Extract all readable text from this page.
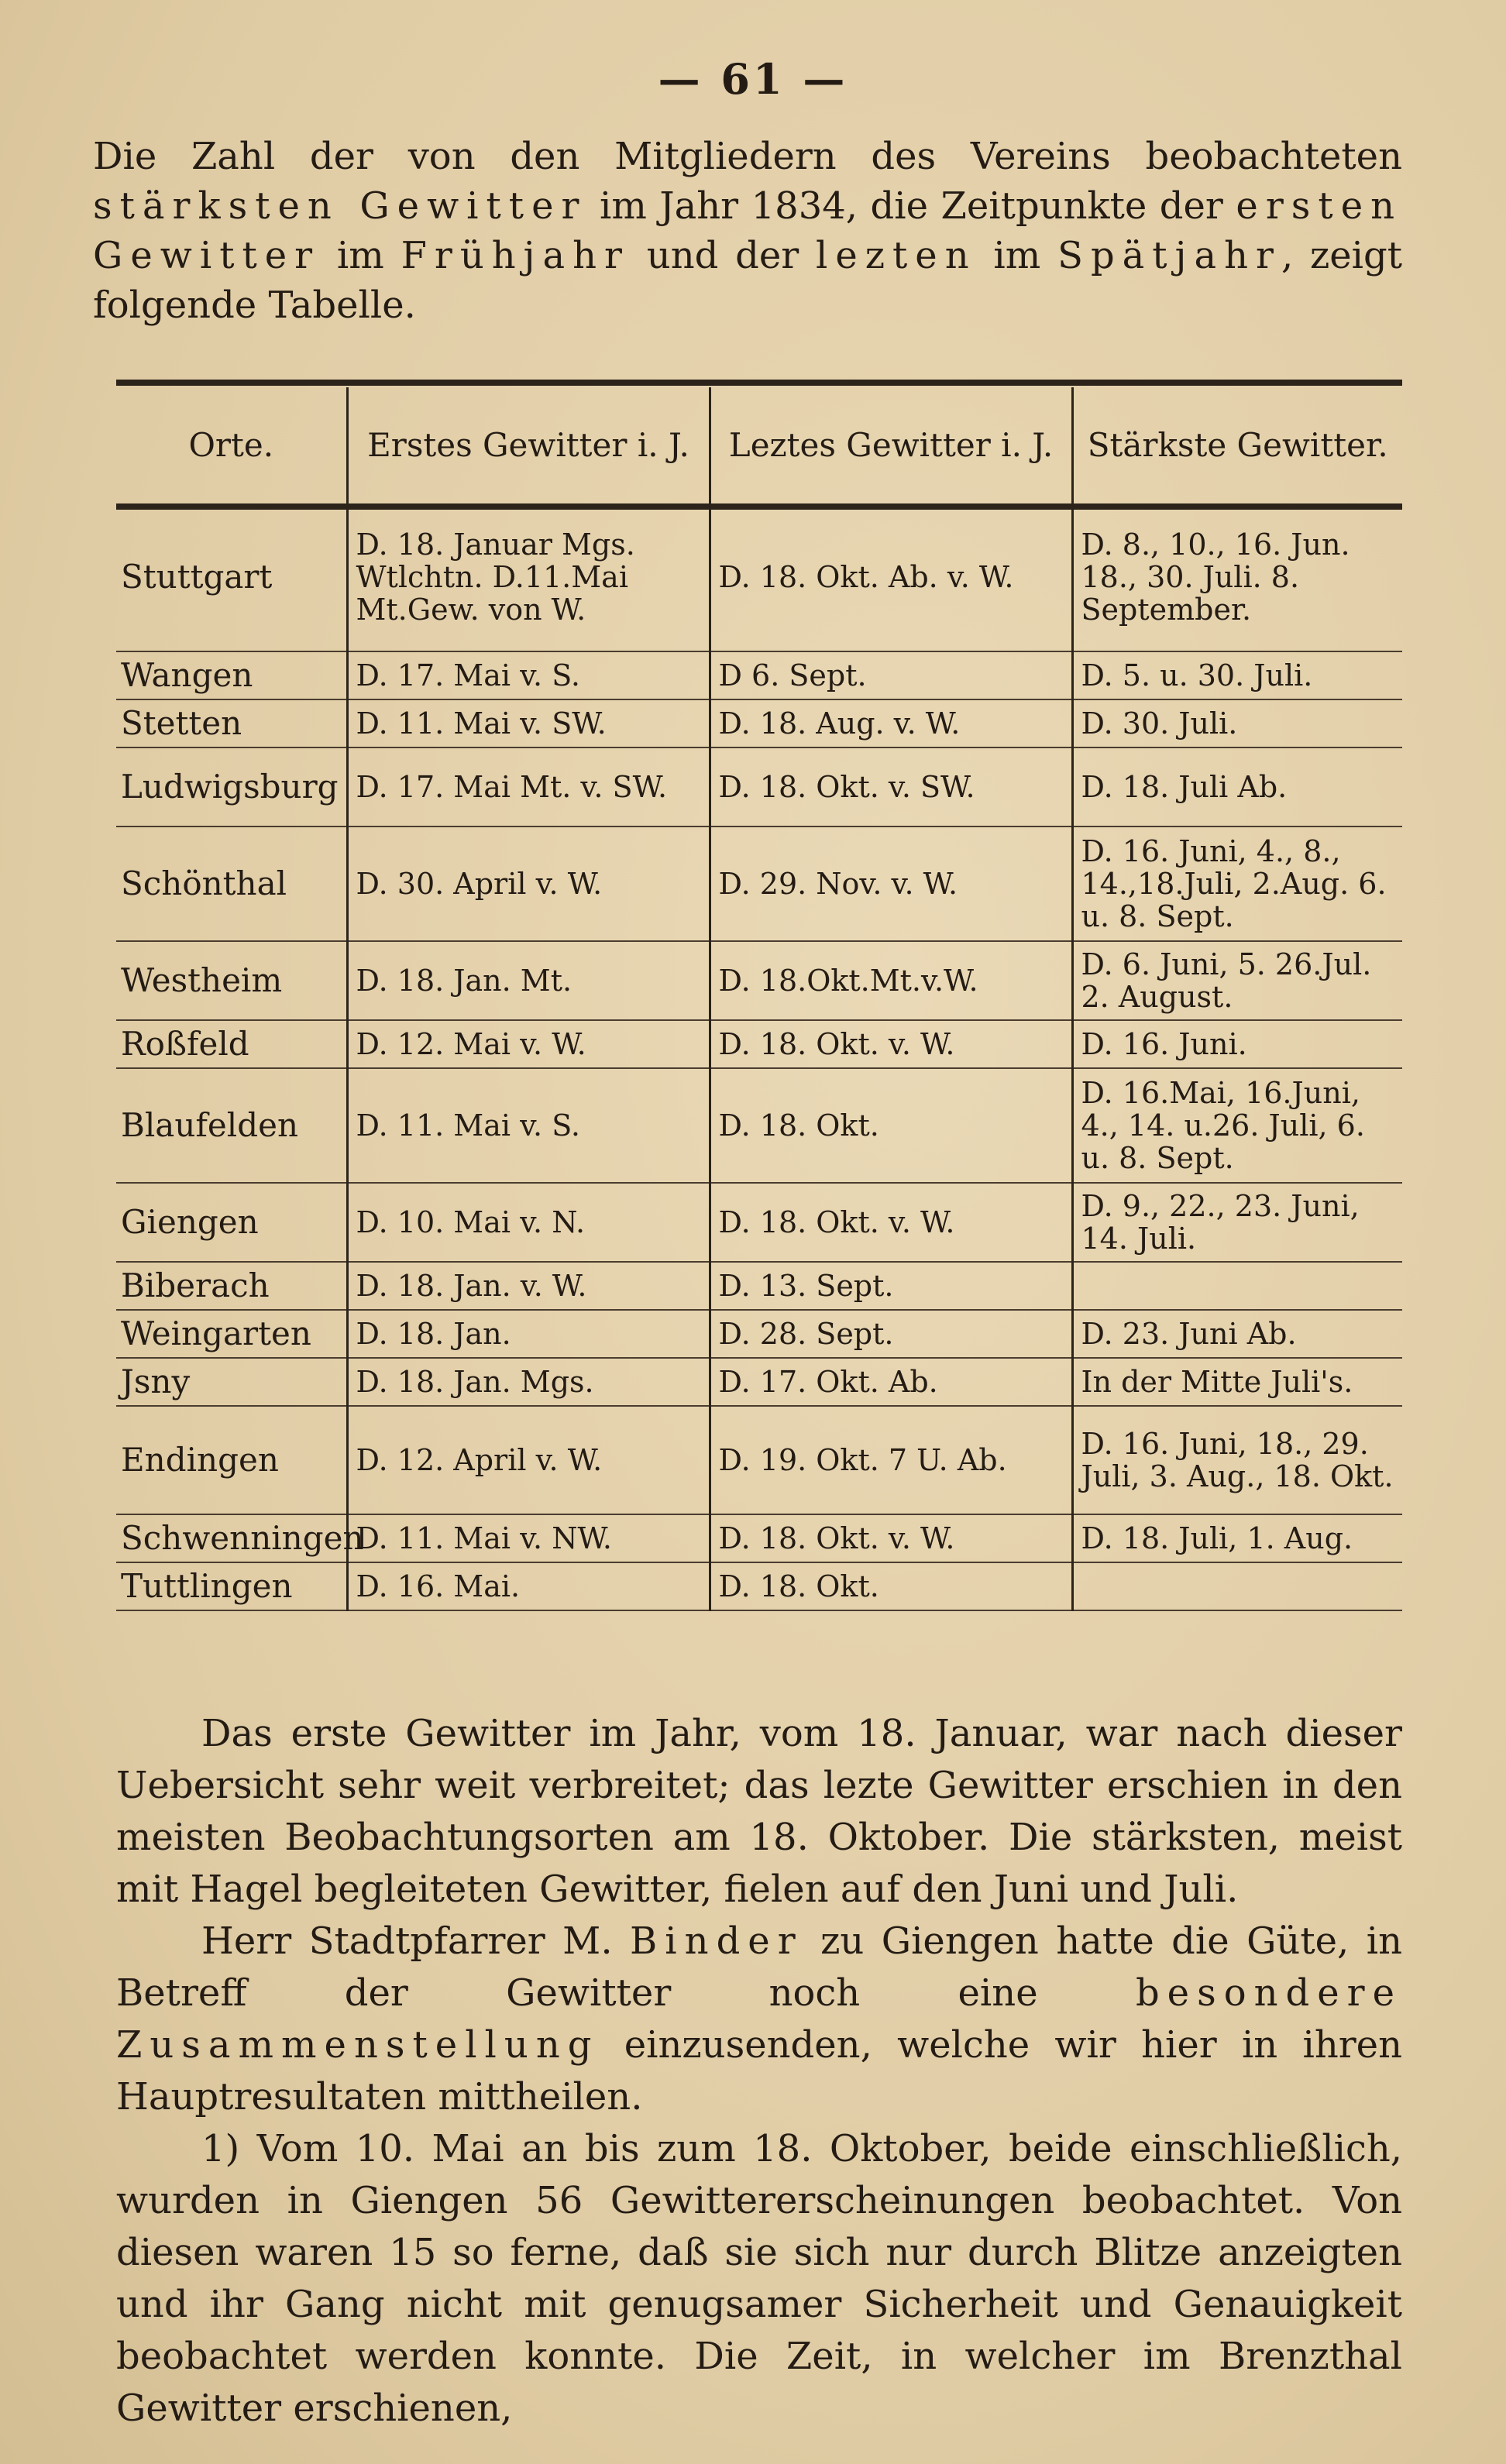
— 61 —
Die Zahl der von den Mitgliedern des Vereins beobachteten stärksten Gewitter im Jahr 1834, die Zeitpunkte der ersten Gewitter im Frühjahr und der lezten im Spätjahr, zeigt folgende Tabelle.
Orte.	Erstes Gewitter i. J.	Leztes Gewitter i. J.	Stärkste Gewitter.
Stuttgart	D. 18. Januar Mgs. Wtlchtn. D.11.Mai Mt.Gew. von W.	D. 18. Okt. Ab. v. W.	D. 8., 10., 16. Jun. 18., 30. Juli. 8. September.
Wangen	D. 17. Mai v. S.	D 6. Sept.	D. 5. u. 30. Juli.
Stetten	D. 11. Mai v. SW.	D. 18. Aug. v. W.	D. 30. Juli.
Ludwigsburg	D. 17. Mai Mt. v. SW.	D. 18. Okt. v. SW.	D. 18. Juli Ab.
Schönthal	D. 30. April v. W.	D. 29. Nov. v. W.	D. 16. Juni, 4., 8., 14.,18.Juli, 2.Aug. 6. u. 8. Sept.
Westheim	D. 18. Jan. Mt.	D. 18.Okt.Mt.v.W.	D. 6. Juni, 5. 26.Jul. 2. August.
Roßfeld	D. 12. Mai v. W.	D. 18. Okt. v. W.	D. 16. Juni.
Blaufelden	D. 11. Mai v. S.	D. 18. Okt.	D. 16.Mai, 16.Juni, 4., 14. u.26. Juli, 6. u. 8. Sept.
Giengen	D. 10. Mai v. N.	D. 18. Okt. v. W.	D. 9., 22., 23. Juni, 14. Juli.
Biberach	D. 18. Jan. v. W.	D. 13. Sept.	
Weingarten	D. 18. Jan.	D. 28. Sept.	D. 23. Juni Ab.
Jsny	D. 18. Jan. Mgs.	D. 17. Okt. Ab.	In der Mitte Juli's.
Endingen	D. 12. April v. W.	D. 19. Okt. 7 U. Ab.	D. 16. Juni, 18., 29. Juli, 3. Aug., 18. Okt.
Schwenningen	D. 11. Mai v. NW.	D. 18. Okt. v. W.	D. 18. Juli, 1. Aug.
Tuttlingen	D. 16. Mai.	D. 18. Okt.	

Das erste Gewitter im Jahr, vom 18. Januar, war nach dieser Uebersicht sehr weit verbreitet; das lezte Gewitter erschien in den meisten Beobachtungsorten am 18. Oktober. Die stärksten, meist mit Hagel begleiteten Gewitter, fielen auf den Juni und Juli.

Herr Stadtpfarrer M. Binder zu Giengen hatte die Güte, in Betreff der Gewitter noch eine	besondere Zusammenstellung einzusenden, welche wir hier in ihren Hauptresultaten mittheilen.

1) Vom 10. Mai an bis zum 18. Oktober, beide einschließlich, wurden in Giengen 56 Gewittererscheinungen beobachtet. Von diesen waren 15 so ferne, daß sie sich nur durch Blitze anzeigten und ihr Gang nicht mit genugsamer Sicherheit und Genauigkeit beobachtet werden konnte. Die Zeit, in welcher im Brenzthal Gewitter erschienen,
